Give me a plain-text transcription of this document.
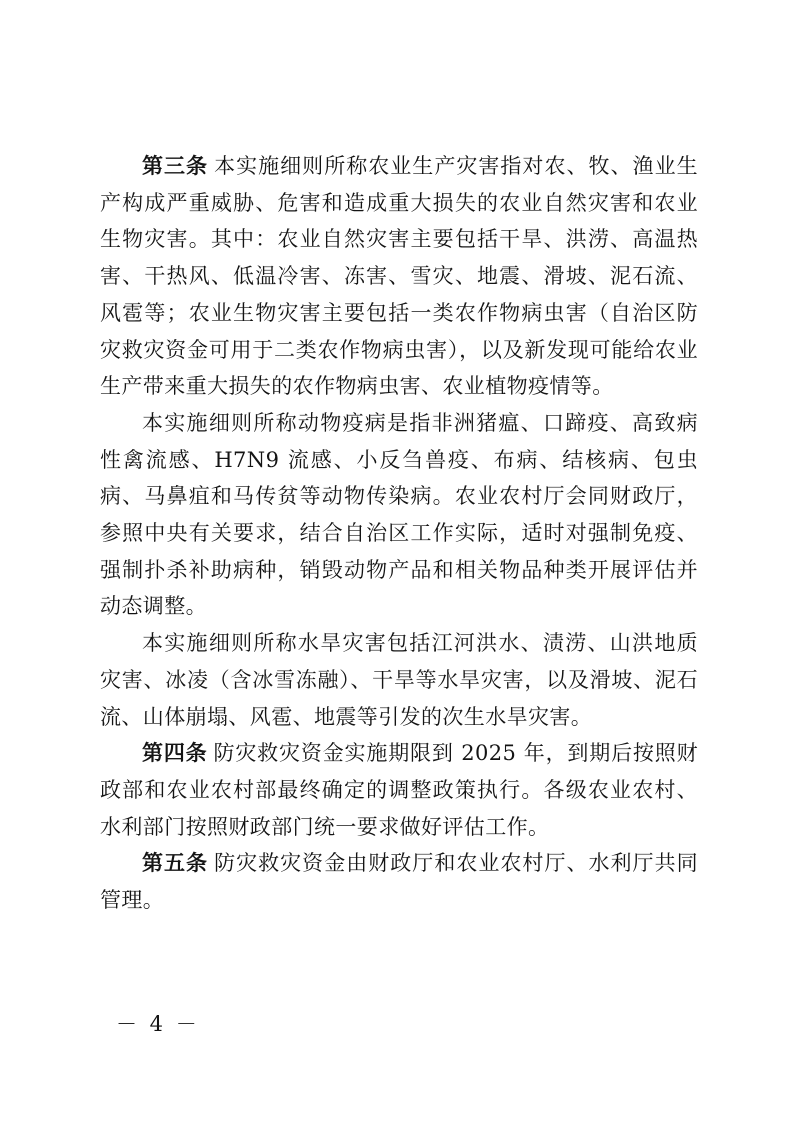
第三条 本实施细则所称农业生产灾害指对农、牧、渔业生产构成严重威胁、危害和造成重大损失的农业自然灾害和农业生物灾害。其中：农业自然灾害主要包括干旱、洪涝、高温热害、干热风、低温冷害、冻害、雪灾、地震、滑坡、泥石流、风雹等；农业生物灾害主要包括一类农作物病虫害（自治区防灾救灾资金可用于二类农作物病虫害），以及新发现可能给农业生产带来重大损失的农作物病虫害、农业植物疫情等。

本实施细则所称动物疫病是指非洲猪瘟、口蹄疫、高致病性禽流感、H7N9 流感、小反刍兽疫、布病、结核病、包虫病、马鼻疽和马传贫等动物传染病。农业农村厅会同财政厅，参照中央有关要求，结合自治区工作实际，适时对强制免疫、强制扑杀补助病种，销毁动物产品和相关物品种类开展评估并动态调整。

本实施细则所称水旱灾害包括江河洪水、渍涝、山洪地质灾害、冰凌（含冰雪冻融）、干旱等水旱灾害，以及滑坡、泥石流、山体崩塌、风雹、地震等引发的次生水旱灾害。

第四条 防灾救灾资金实施期限到 2025 年，到期后按照财政部和农业农村部最终确定的调整政策执行。各级农业农村、水利部门按照财政部门统一要求做好评估工作。

第五条 防灾救灾资金由财政厅和农业农村厅、水利厅共同管理。

－ 4 －
